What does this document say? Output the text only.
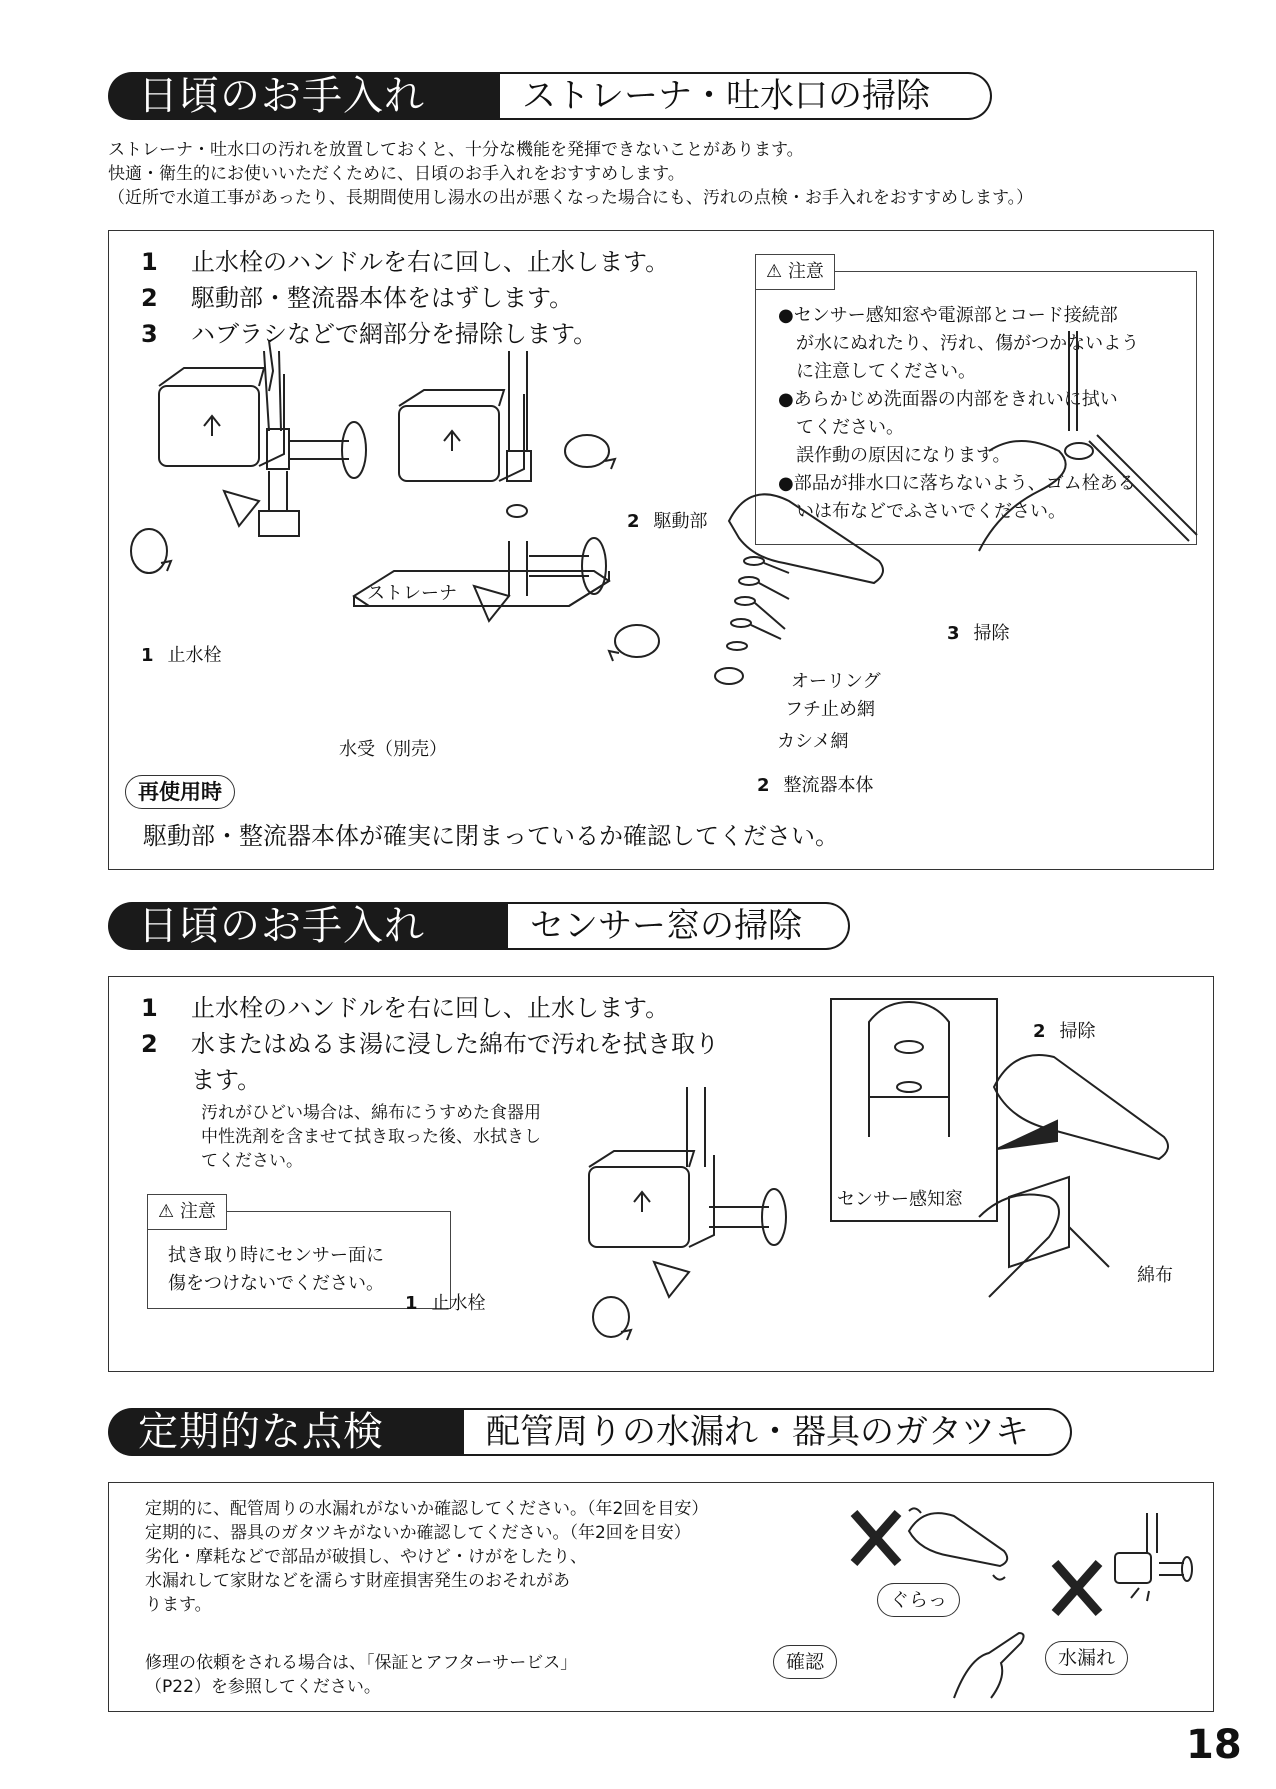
日頃のお手入れ	ストレーナ・吐水口の掃除
ストレーナ・吐水口の汚れを放置しておくと、十分な機能を発揮できないことがあります。
快適・衛生的にお使いいただくために、日頃のお手入れをおすすめします。
（近所で水道工事があったり、長期間使用し湯水の出が悪くなった場合にも、汚れの点検・お手入れをおすすめします。）
1 止水栓のハンドルを右に回し、止水します。
2 駆動部・整流器本体をはずします。
3 ハブラシなどで網部分を掃除します。
⚠ 注意
●センサー感知窓や電源部とコード接続部
　が水にぬれたり、汚れ、傷がつかないよう
　に注意してください。
●あらかじめ洗面器の内部をきれいに拭い
　てください。
　誤作動の原因になります。
●部品が排水口に落ちないよう、ゴム栓ある
　いは布などでふさいでください。
1 止水栓
2 駆動部
ストレーナ
水受（別売）
オーリング
フチ止め網
カシメ網
2 整流器本体
3 掃除
再使用時
駆動部・整流器本体が確実に閉まっているか確認してください。
日頃のお手入れ	センサー窓の掃除
1 止水栓のハンドルを右に回し、止水します。
2 水またはぬるま湯に浸した綿布で汚れを拭き取り
ます。
汚れがひどい場合は、綿布にうすめた食器用
中性洗剤を含ませて拭き取った後、水拭きし
てください。
⚠ 注意
拭き取り時にセンサー面に
傷をつけないでください。
1 止水栓
センサー感知窓
2 掃除
綿布
定期的な点検	配管周りの水漏れ・器具のガタツキ
定期的に、配管周りの水漏れがないか確認してください。（年2回を目安）
定期的に、器具のガタツキがないか確認してください。（年2回を目安）
劣化・摩耗などで部品が破損し、やけど・けがをしたり、
水漏れして家財などを濡らす財産損害発生のおそれがあ
ります。
修理の依頼をされる場合は、「保証とアフターサービス」
（P22）を参照してください。
ぐらっ
確認	水漏れ
18
